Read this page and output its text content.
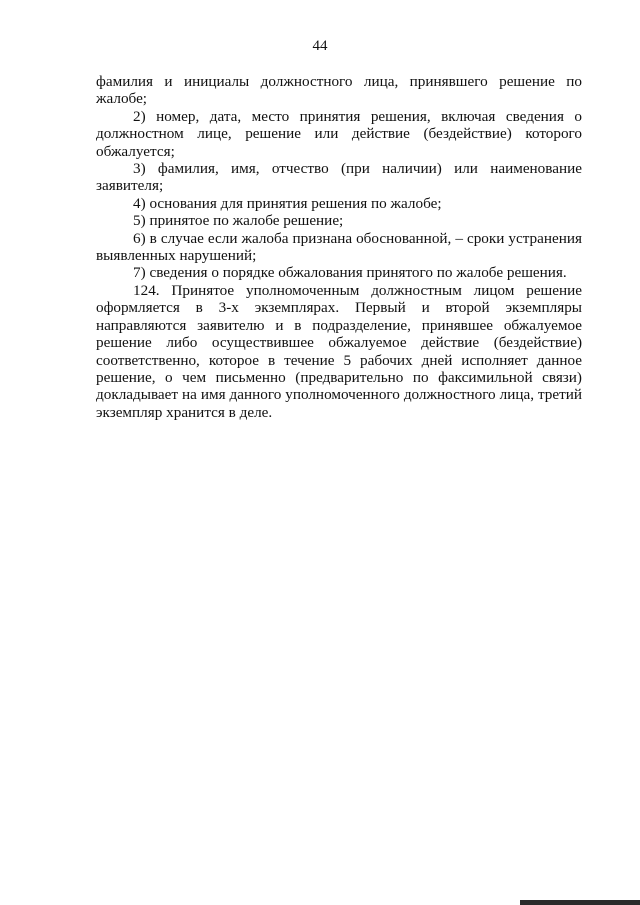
44

фамилия и инициалы должностного лица, принявшего решение по жалобе;

2) номер, дата, место принятия решения, включая сведения о должностном лице, решение или действие (бездействие) которого обжалуется;

3) фамилия, имя, отчество (при наличии) или наименование заявителя;

4) основания для принятия решения по жалобе;

5) принятое по жалобе решение;

6) в случае если жалоба признана обоснованной, – сроки устранения выявленных нарушений;

7) сведения о порядке обжалования принятого по жалобе решения.

124. Принятое уполномоченным должностным лицом решение оформляется в 3-х экземплярах. Первый и второй экземпляры направляются заявителю и в подразделение, принявшее обжалуемое решение либо осуществившее обжалуемое действие (бездействие) соответственно, которое в течение 5 рабочих дней исполняет данное решение, о чем письменно (предварительно по факсимильной связи) докладывает на имя данного уполномоченного должностного лица, третий экземпляр хранится в деле.
